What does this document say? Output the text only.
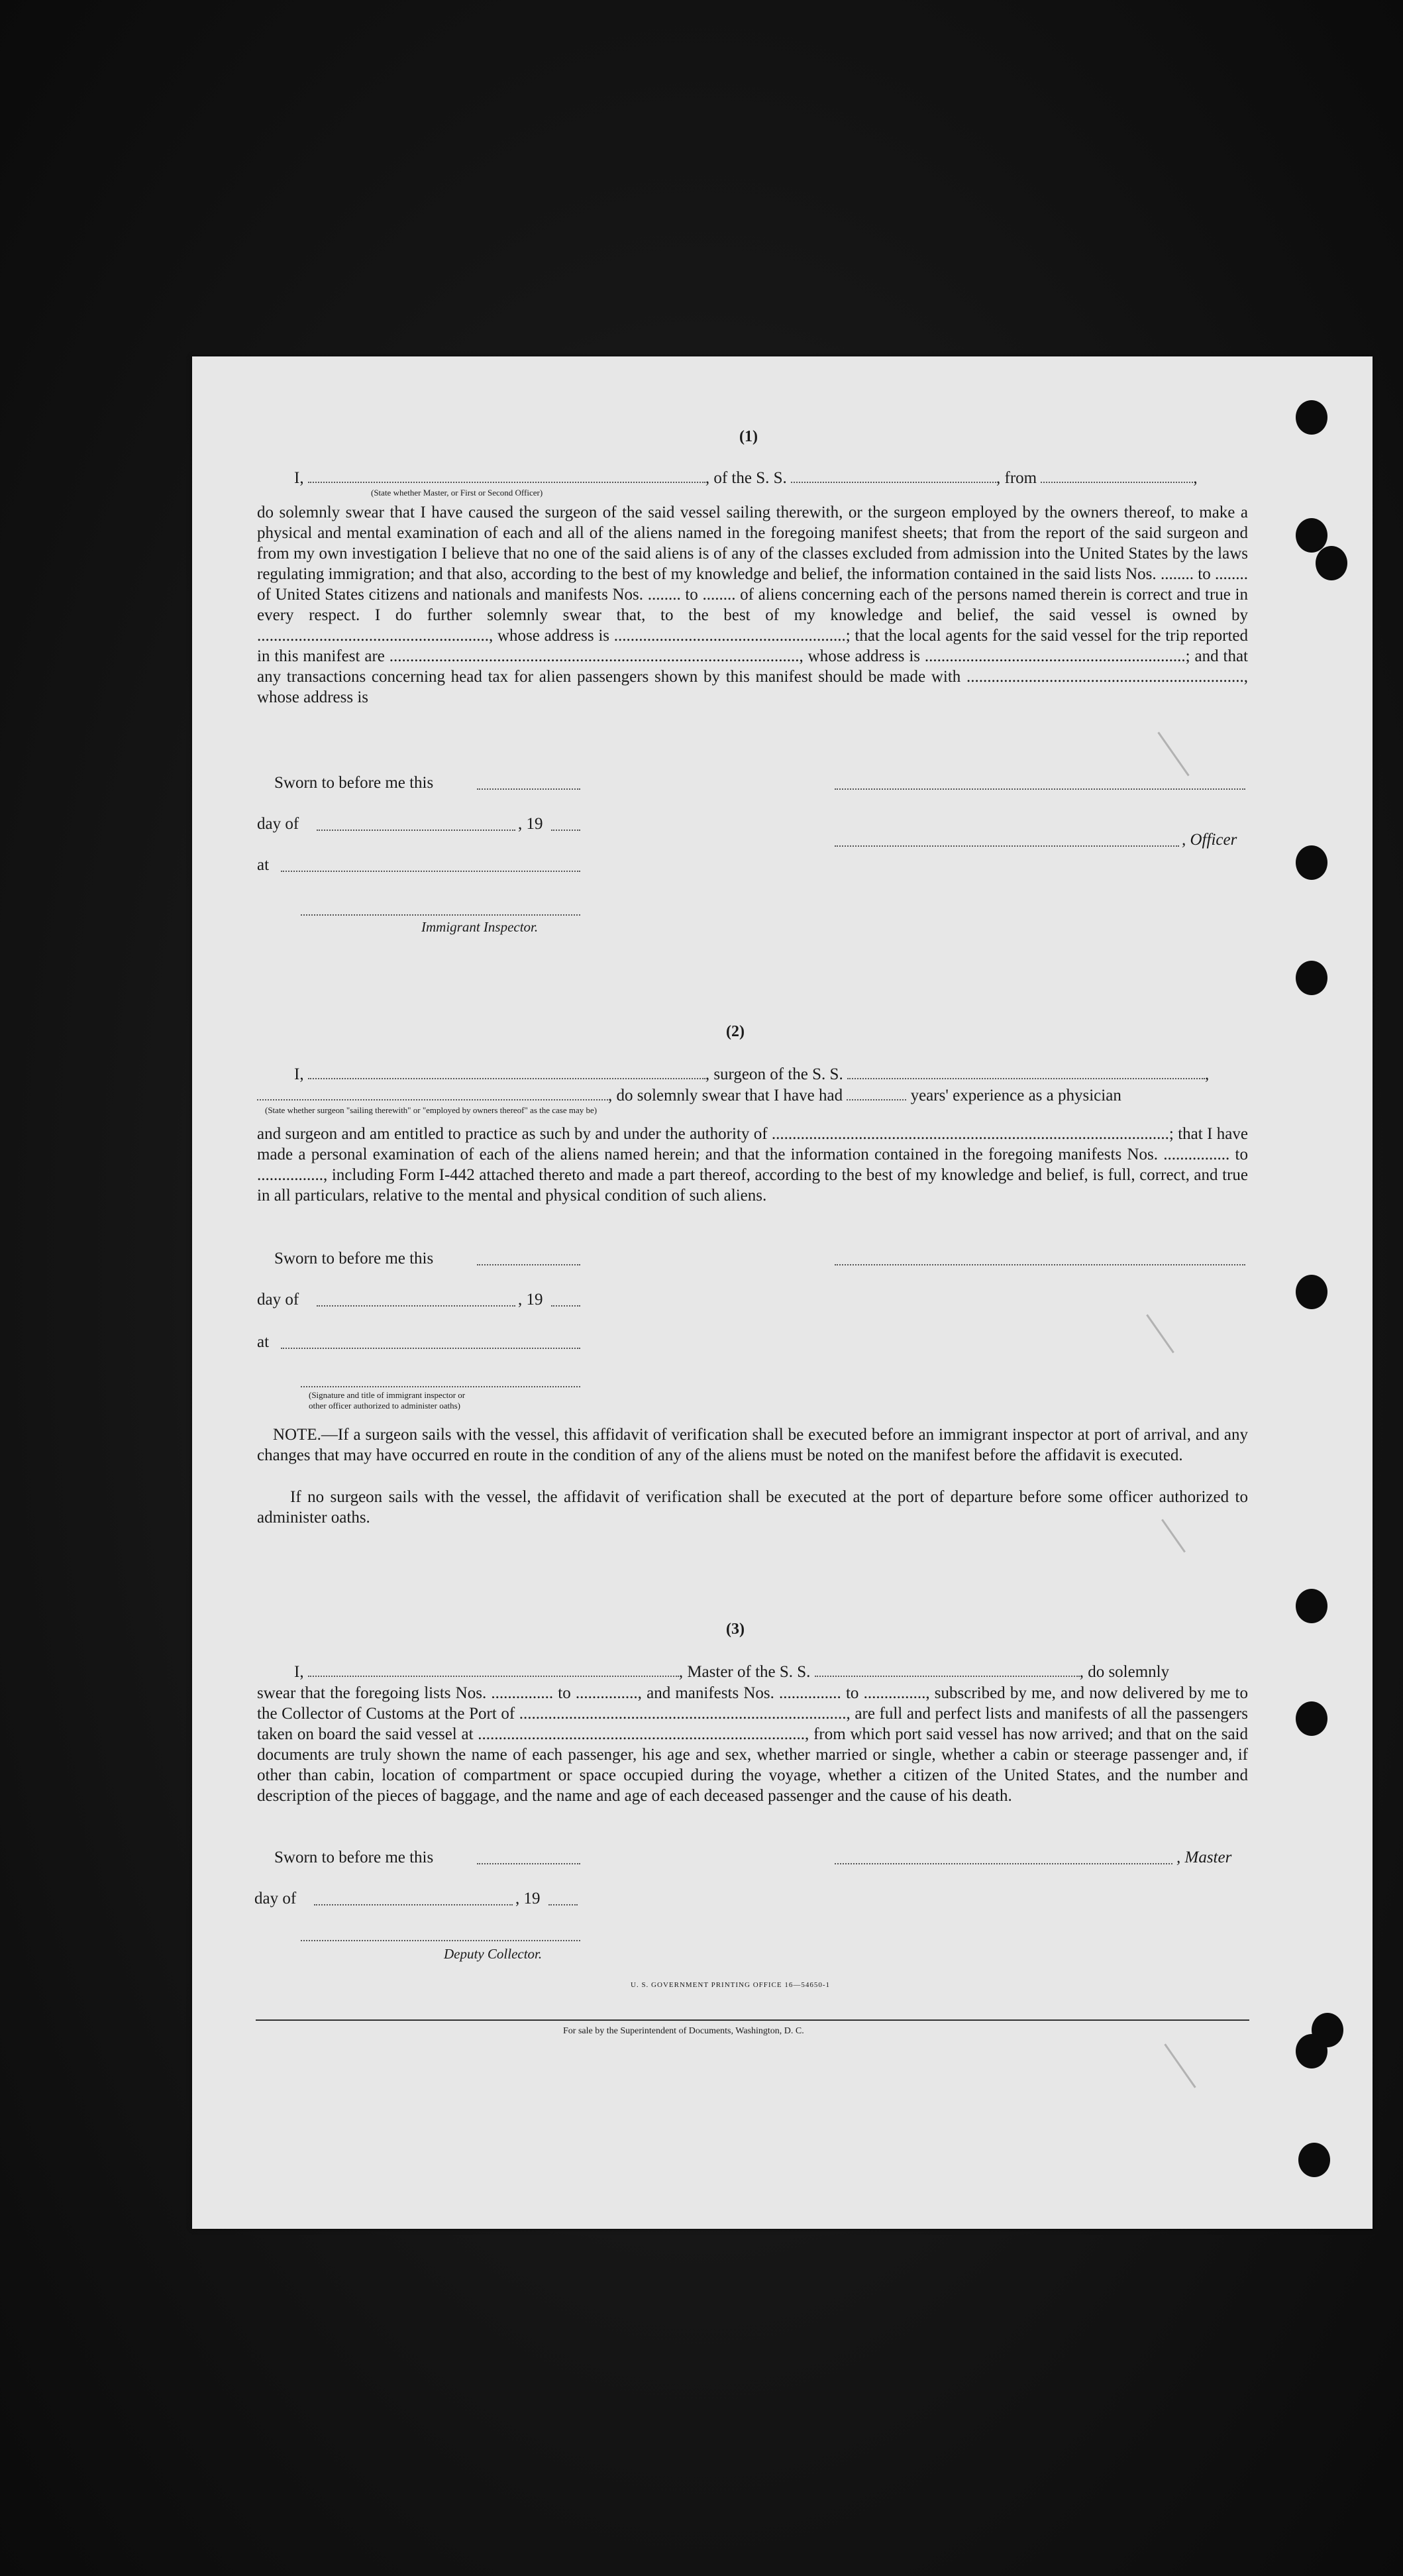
(1)
I,	, of the S. S.	, from	,
(State whether Master, or First or Second Officer)
do solemnly swear that I have caused the surgeon of the said vessel sailing therewith, or the surgeon employed by the owners thereof, to make a physical and mental examination of each and all of the aliens named in the foregoing manifest sheets; that from the report of the said surgeon and from my own investigation I believe that no one of the said aliens is of any of the classes excluded from admission into the United States by the laws regulating immigration; and that also, according to the best of my knowledge and belief, the information contained in the said lists Nos. ........ to ........ of United States citizens and nationals and manifests Nos. ........ to ........ of aliens concerning each of the persons named therein is correct and true in every respect. I do further solemnly swear that, to the best of my knowledge and belief, the said vessel is owned by ........................................................, whose address is ........................................................; that the local agents for the said vessel for the trip reported in this manifest are ..................................................................................................., whose address is ...............................................................; and that any transactions concerning head tax for alien passengers shown by this manifest should be made with ..................................................................., whose address is
Sworn to before me this
day of	, 19
, Officer
at
Immigrant Inspector.
(2)
I,	, surgeon of the S. S.	,
, do solemnly swear that I have had	years' experience as a physician
(State whether surgeon "sailing therewith" or "employed by owners thereof" as the case may be)
and surgeon and am entitled to practice as such by and under the authority of ................................................................................................; that I have made a personal examination of each of the aliens named herein; and that the information contained in the foregoing manifests Nos. ................ to ................, including Form I-442 attached thereto and made a part thereof, according to the best of my knowledge and belief, is full, correct, and true in all particulars, relative to the mental and physical condition of such aliens.
Sworn to before me this
day of	, 19
at
(Signature and title of immigrant inspector or
other officer authorized to administer oaths)
NOTE.—If a surgeon sails with the vessel, this affidavit of verification shall be executed before an immigrant inspector at port of arrival, and any changes that may have occurred en route in the condition of any of the aliens must be noted on the manifest before the affidavit is executed.
If no surgeon sails with the vessel, the affidavit of verification shall be executed at the port of departure before some officer authorized to administer oaths.
(3)
I,	, Master of the S. S.	, do solemnly
swear that the foregoing lists Nos. ............... to ..............., and manifests Nos. ............... to ..............., subscribed by me, and now delivered by me to the Collector of Customs at the Port of ..............................................................................., are full and perfect lists and manifests of all the passengers taken on board the said vessel at ..............................................................................., from which port said vessel has now arrived; and that on the said documents are truly shown the name of each passenger, his age and sex, whether married or single, whether a cabin or steerage passenger and, if other than cabin, location of compartment or space occupied during the voyage, whether a citizen of the United States, and the number and description of the pieces of baggage, and the name and age of each deceased passenger and the cause of his death.
Sworn to before me this	, Master
day of	, 19
Deputy Collector.
U. S. GOVERNMENT PRINTING OFFICE 16—54650-1
For sale by the Superintendent of Documents, Washington, D. C.
